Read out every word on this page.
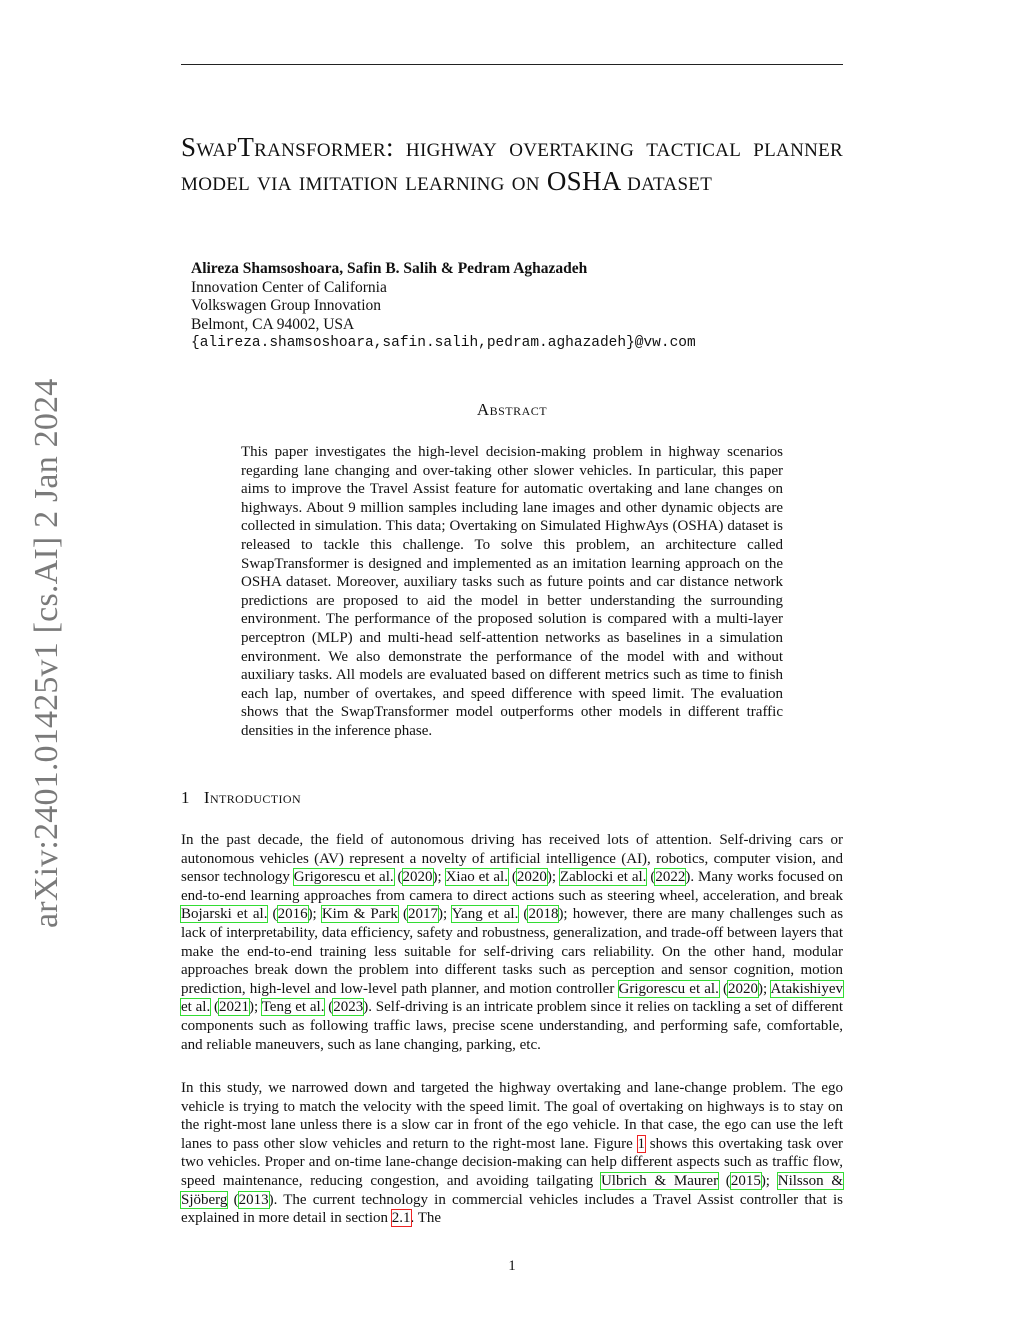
arXiv:2401.01425v1 [cs.AI] 2 Jan 2024
SwapTransformer: highway overtaking tactical planner model via imitation learning on OSHA dataset
Alireza Shamsoshoara, Safin B. Salih & Pedram Aghazadeh
Innovation Center of California
Volkswagen Group Innovation
Belmont, CA 94002, USA
{alireza.shamsoshoara,safin.salih,pedram.aghazadeh}@vw.com
Abstract

This paper investigates the high-level decision-making problem in highway scenarios regarding lane changing and over-taking other slower vehicles. In particular, this paper aims to improve the Travel Assist feature for automatic overtaking and lane changes on highways. About 9 million samples including lane images and other dynamic objects are collected in simulation. This data; Overtaking on Simulated HighwAys (OSHA) dataset is released to tackle this challenge. To solve this problem, an architecture called SwapTransformer is designed and implemented as an imitation learning approach on the OSHA dataset. Moreover, auxiliary tasks such as future points and car distance network predictions are proposed to aid the model in better understanding the surrounding environment. The performance of the proposed solution is compared with a multi-layer perceptron (MLP) and multi-head self-attention networks as baselines in a simulation environment. We also demonstrate the performance of the model with and without auxiliary tasks. All models are evaluated based on different metrics such as time to finish each lap, number of overtakes, and speed difference with speed limit. The evaluation shows that the SwapTransformer model outperforms other models in different traffic densities in the inference phase.

1 Introduction

In the past decade, the field of autonomous driving has received lots of attention. Self-driving cars or autonomous vehicles (AV) represent a novelty of artificial intelligence (AI), robotics, computer vision, and sensor technology Grigorescu et al. (2020); Xiao et al. (2020); Zablocki et al. (2022). Many works focused on end-to-end learning approaches from camera to direct actions such as steering wheel, acceleration, and break Bojarski et al. (2016); Kim & Park (2017); Yang et al. (2018); however, there are many challenges such as lack of interpretability, data efficiency, safety and robustness, generalization, and trade-off between layers that make the end-to-end training less suitable for self-driving cars reliability. On the other hand, modular approaches break down the problem into different tasks such as perception and sensor cognition, motion prediction, high-level and low-level path planner, and motion controller Grigorescu et al. (2020); Atakishiyev et al. (2021); Teng et al. (2023). Self-driving is an intricate problem since it relies on tackling a set of different components such as following traffic laws, precise scene understanding, and performing safe, comfortable, and reliable maneuvers, such as lane changing, parking, etc.

In this study, we narrowed down and targeted the highway overtaking and lane-change problem. The ego vehicle is trying to match the velocity with the speed limit. The goal of overtaking on highways is to stay on the right-most lane unless there is a slow car in front of the ego vehicle. In that case, the ego can use the left lanes to pass other slow vehicles and return to the right-most lane. Figure 1 shows this overtaking task over two vehicles. Proper and on-time lane-change decision-making can help different aspects such as traffic flow, speed maintenance, reducing congestion, and avoiding tailgating Ulbrich & Maurer (2015); Nilsson & Sjöberg (2013). The current technology in commercial vehicles includes a Travel Assist controller that is explained in more detail in section 2.1. The

1
